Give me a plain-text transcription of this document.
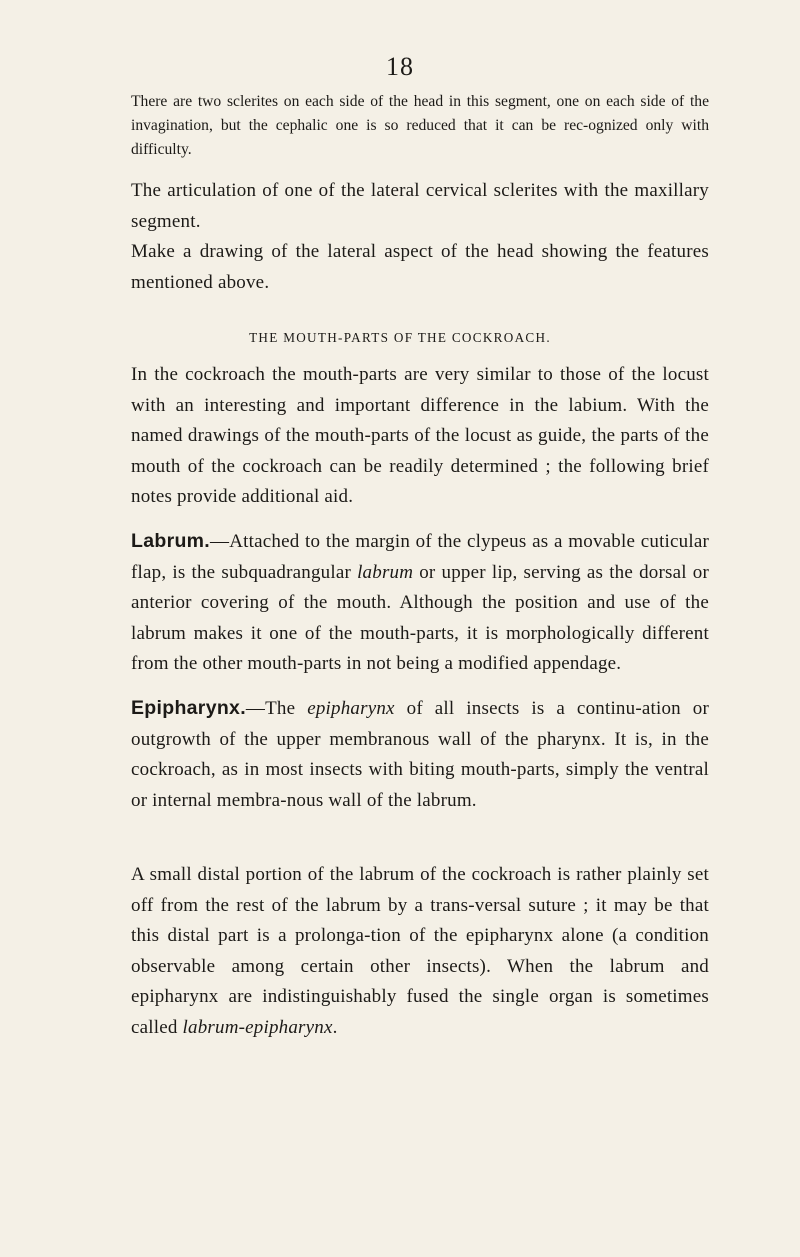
18

There are two sclerites on each side of the head in this segment, one on each side of the invagination, but the cephalic one is so reduced that it can be rec-ognized only with difficulty.

The articulation of one of the lateral cervical sclerites with the maxillary segment.

Make a drawing of the lateral aspect of the head showing the features mentioned above.

THE MOUTH-PARTS OF THE COCKROACH.

In the cockroach the mouth-parts are very similar to those of the locust with an interesting and important difference in the labium. With the named drawings of the mouth-parts of the locust as guide, the parts of the mouth of the cockroach can be readily determined ; the following brief notes provide additional aid.

Labrum.—Attached to the margin of the clypeus as a movable cuticular flap, is the subquadrangular labrum or upper lip, serving as the dorsal or anterior covering of the mouth. Although the position and use of the labrum makes it one of the mouth-parts, it is morphologically different from the other mouth-parts in not being a modified appendage.

Epipharynx.—The epipharynx of all insects is a continu-ation or outgrowth of the upper membranous wall of the pharynx. It is, in the cockroach, as in most insects with biting mouth-parts, simply the ventral or internal membra-nous wall of the labrum.

A small distal portion of the labrum of the cockroach is rather plainly set off from the rest of the labrum by a trans-versal suture ; it may be that this distal part is a prolonga-tion of the epipharynx alone (a condition observable among certain other insects). When the labrum and epipharynx are indistinguishably fused the single organ is sometimes called labrum-epipharynx.
